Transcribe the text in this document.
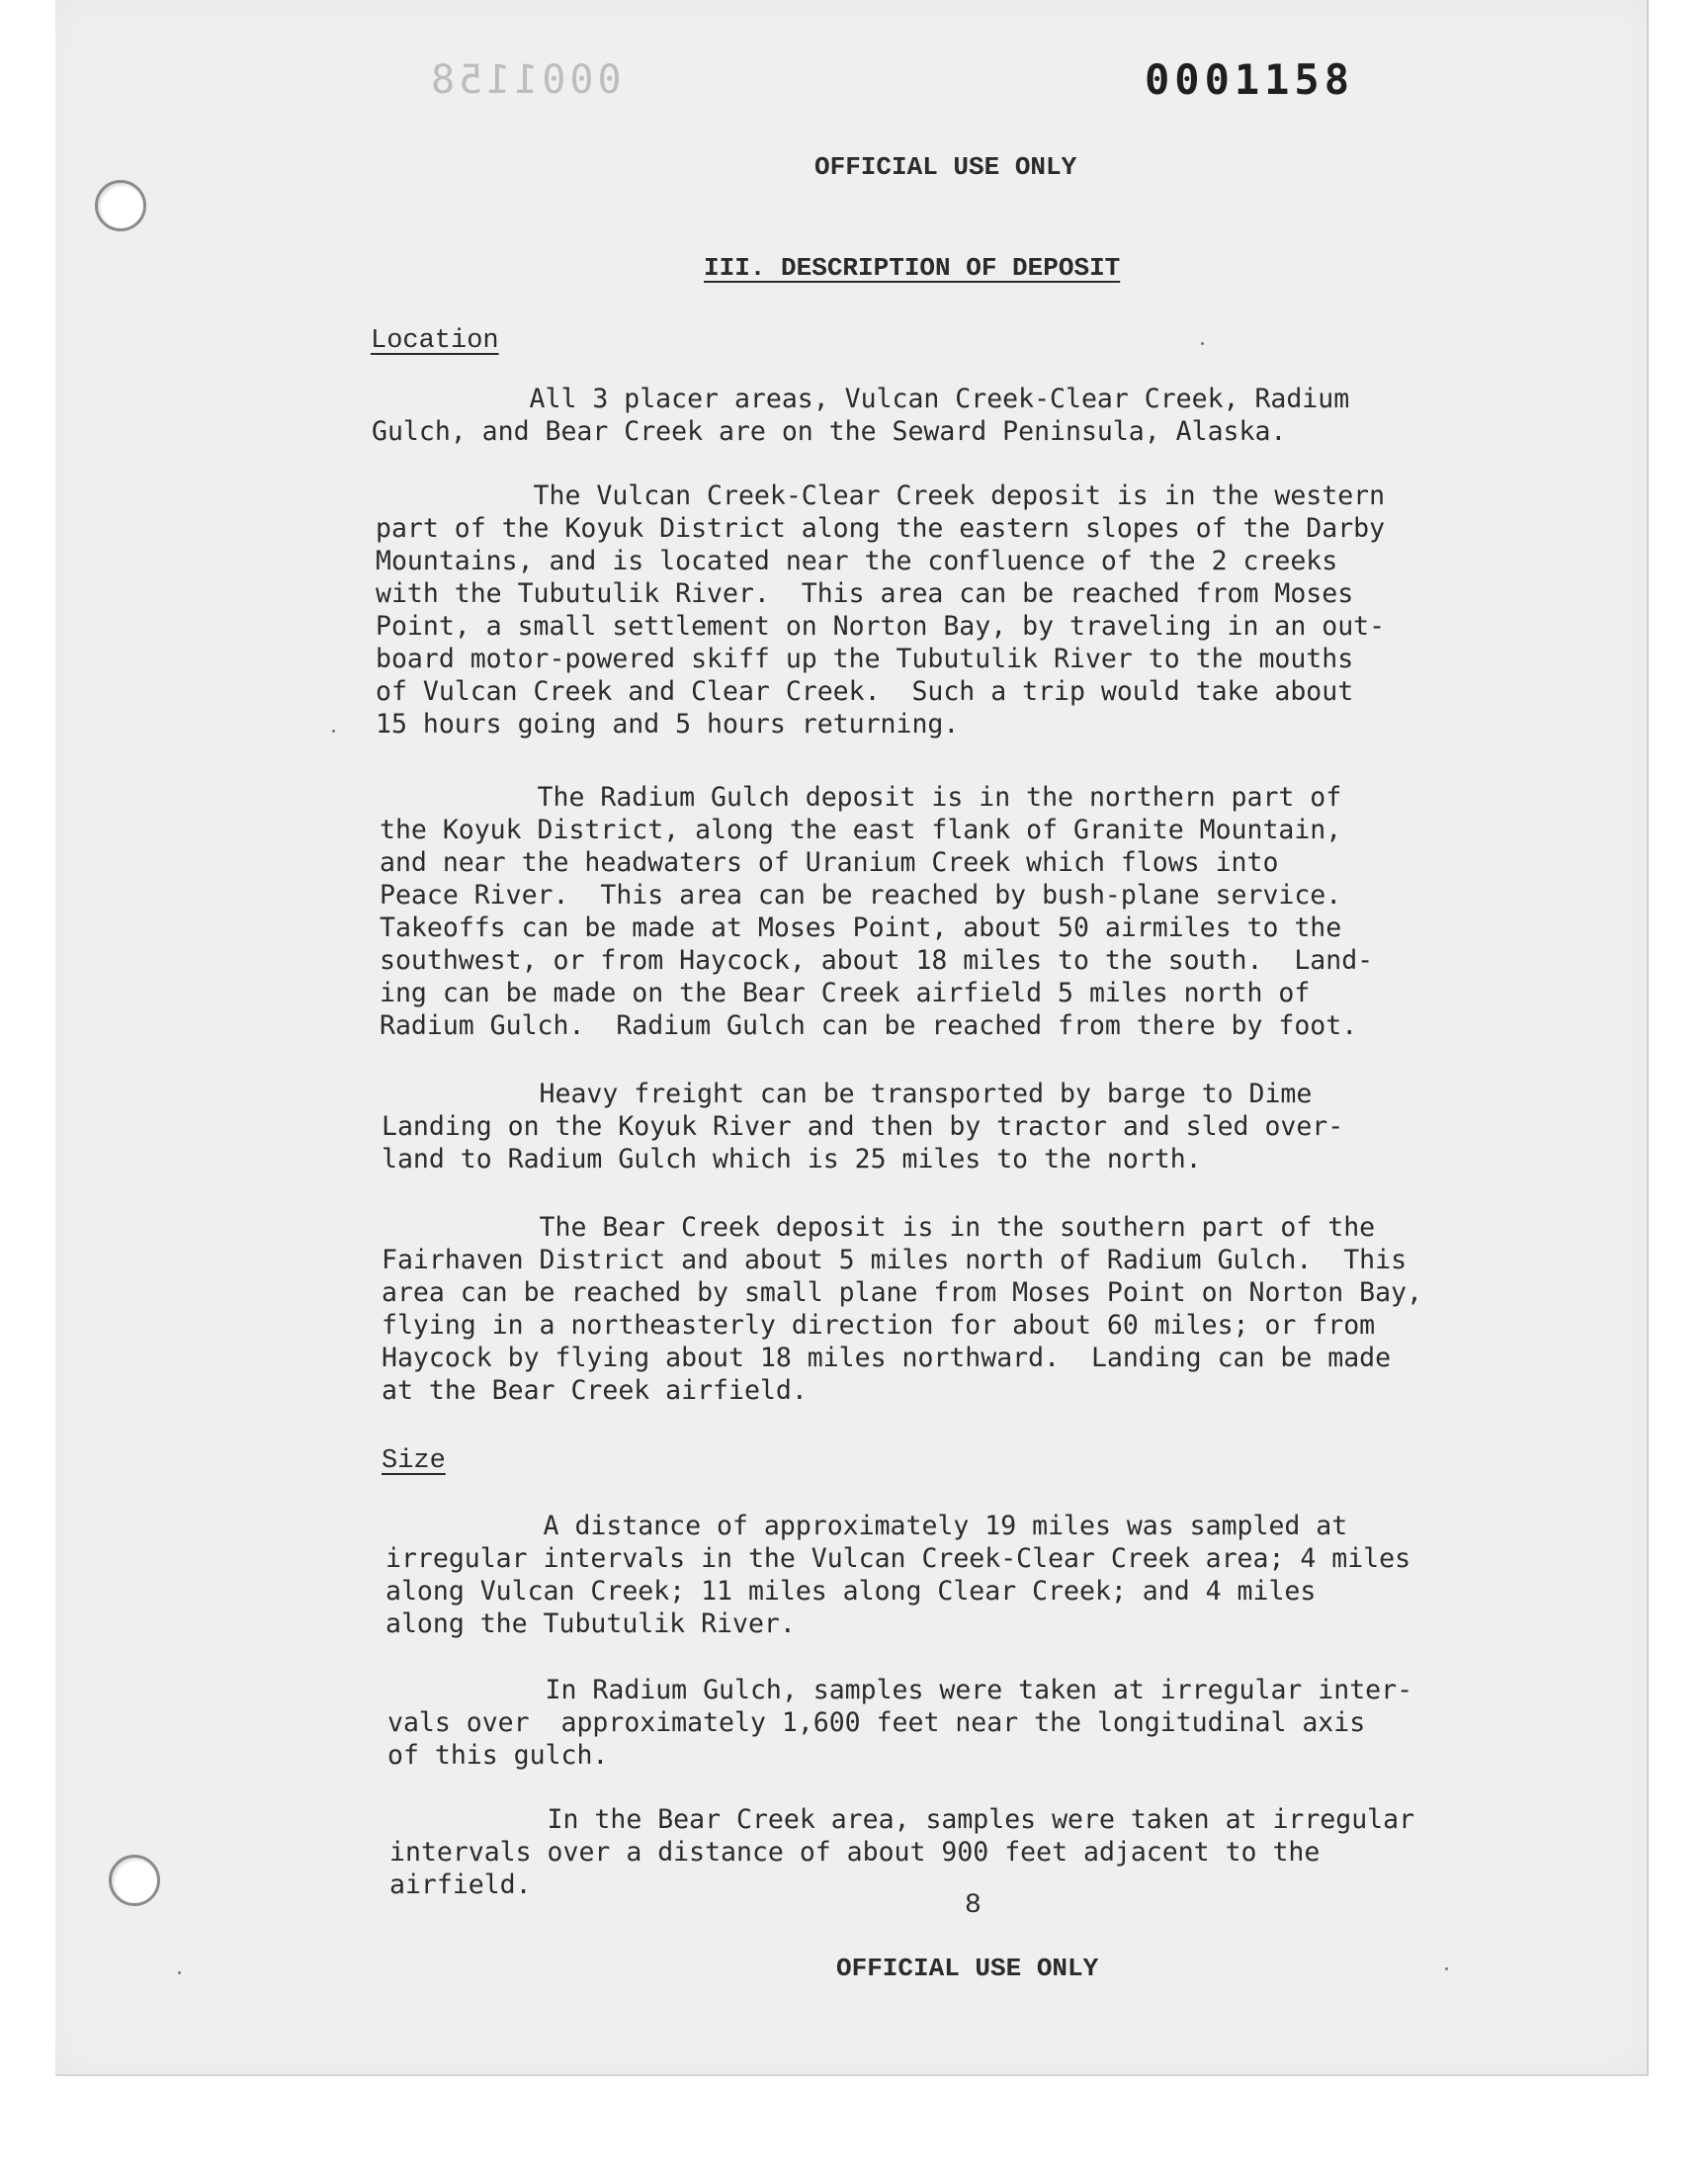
0001158	0001158
OFFICIAL USE ONLY
III. DESCRIPTION OF DEPOSIT
Location
All 3 placer areas, Vulcan Creek-Clear Creek, Radium
Gulch, and Bear Creek are on the Seward Peninsula, Alaska.
The Vulcan Creek-Clear Creek deposit is in the western
part of the Koyuk District along the eastern slopes of the Darby
Mountains, and is located near the confluence of the 2 creeks
with the Tubutulik River.  This area can be reached from Moses
Point, a small settlement on Norton Bay, by traveling in an out-
board motor-powered skiff up the Tubutulik River to the mouths
of Vulcan Creek and Clear Creek.  Such a trip would take about
15 hours going and 5 hours returning.
The Radium Gulch deposit is in the northern part of
the Koyuk District, along the east flank of Granite Mountain,
and near the headwaters of Uranium Creek which flows into
Peace River.  This area can be reached by bush-plane service.
Takeoffs can be made at Moses Point, about 50 airmiles to the
southwest, or from Haycock, about 18 miles to the south.  Land-
ing can be made on the Bear Creek airfield 5 miles north of
Radium Gulch.  Radium Gulch can be reached from there by foot.
Heavy freight can be transported by barge to Dime
Landing on the Koyuk River and then by tractor and sled over-
land to Radium Gulch which is 25 miles to the north.
The Bear Creek deposit is in the southern part of the
Fairhaven District and about 5 miles north of Radium Gulch.  This
area can be reached by small plane from Moses Point on Norton Bay,
flying in a northeasterly direction for about 60 miles; or from
Haycock by flying about 18 miles northward.  Landing can be made
at the Bear Creek airfield.
Size
A distance of approximately 19 miles was sampled at
irregular intervals in the Vulcan Creek-Clear Creek area; 4 miles
along Vulcan Creek; 11 miles along Clear Creek; and 4 miles
along the Tubutulik River.
In Radium Gulch, samples were taken at irregular inter-
vals over  approximately 1,600 feet near the longitudinal axis
of this gulch.
In the Bear Creek area, samples were taken at irregular
intervals over a distance of about 900 feet adjacent to the
airfield.
8
OFFICIAL USE ONLY
